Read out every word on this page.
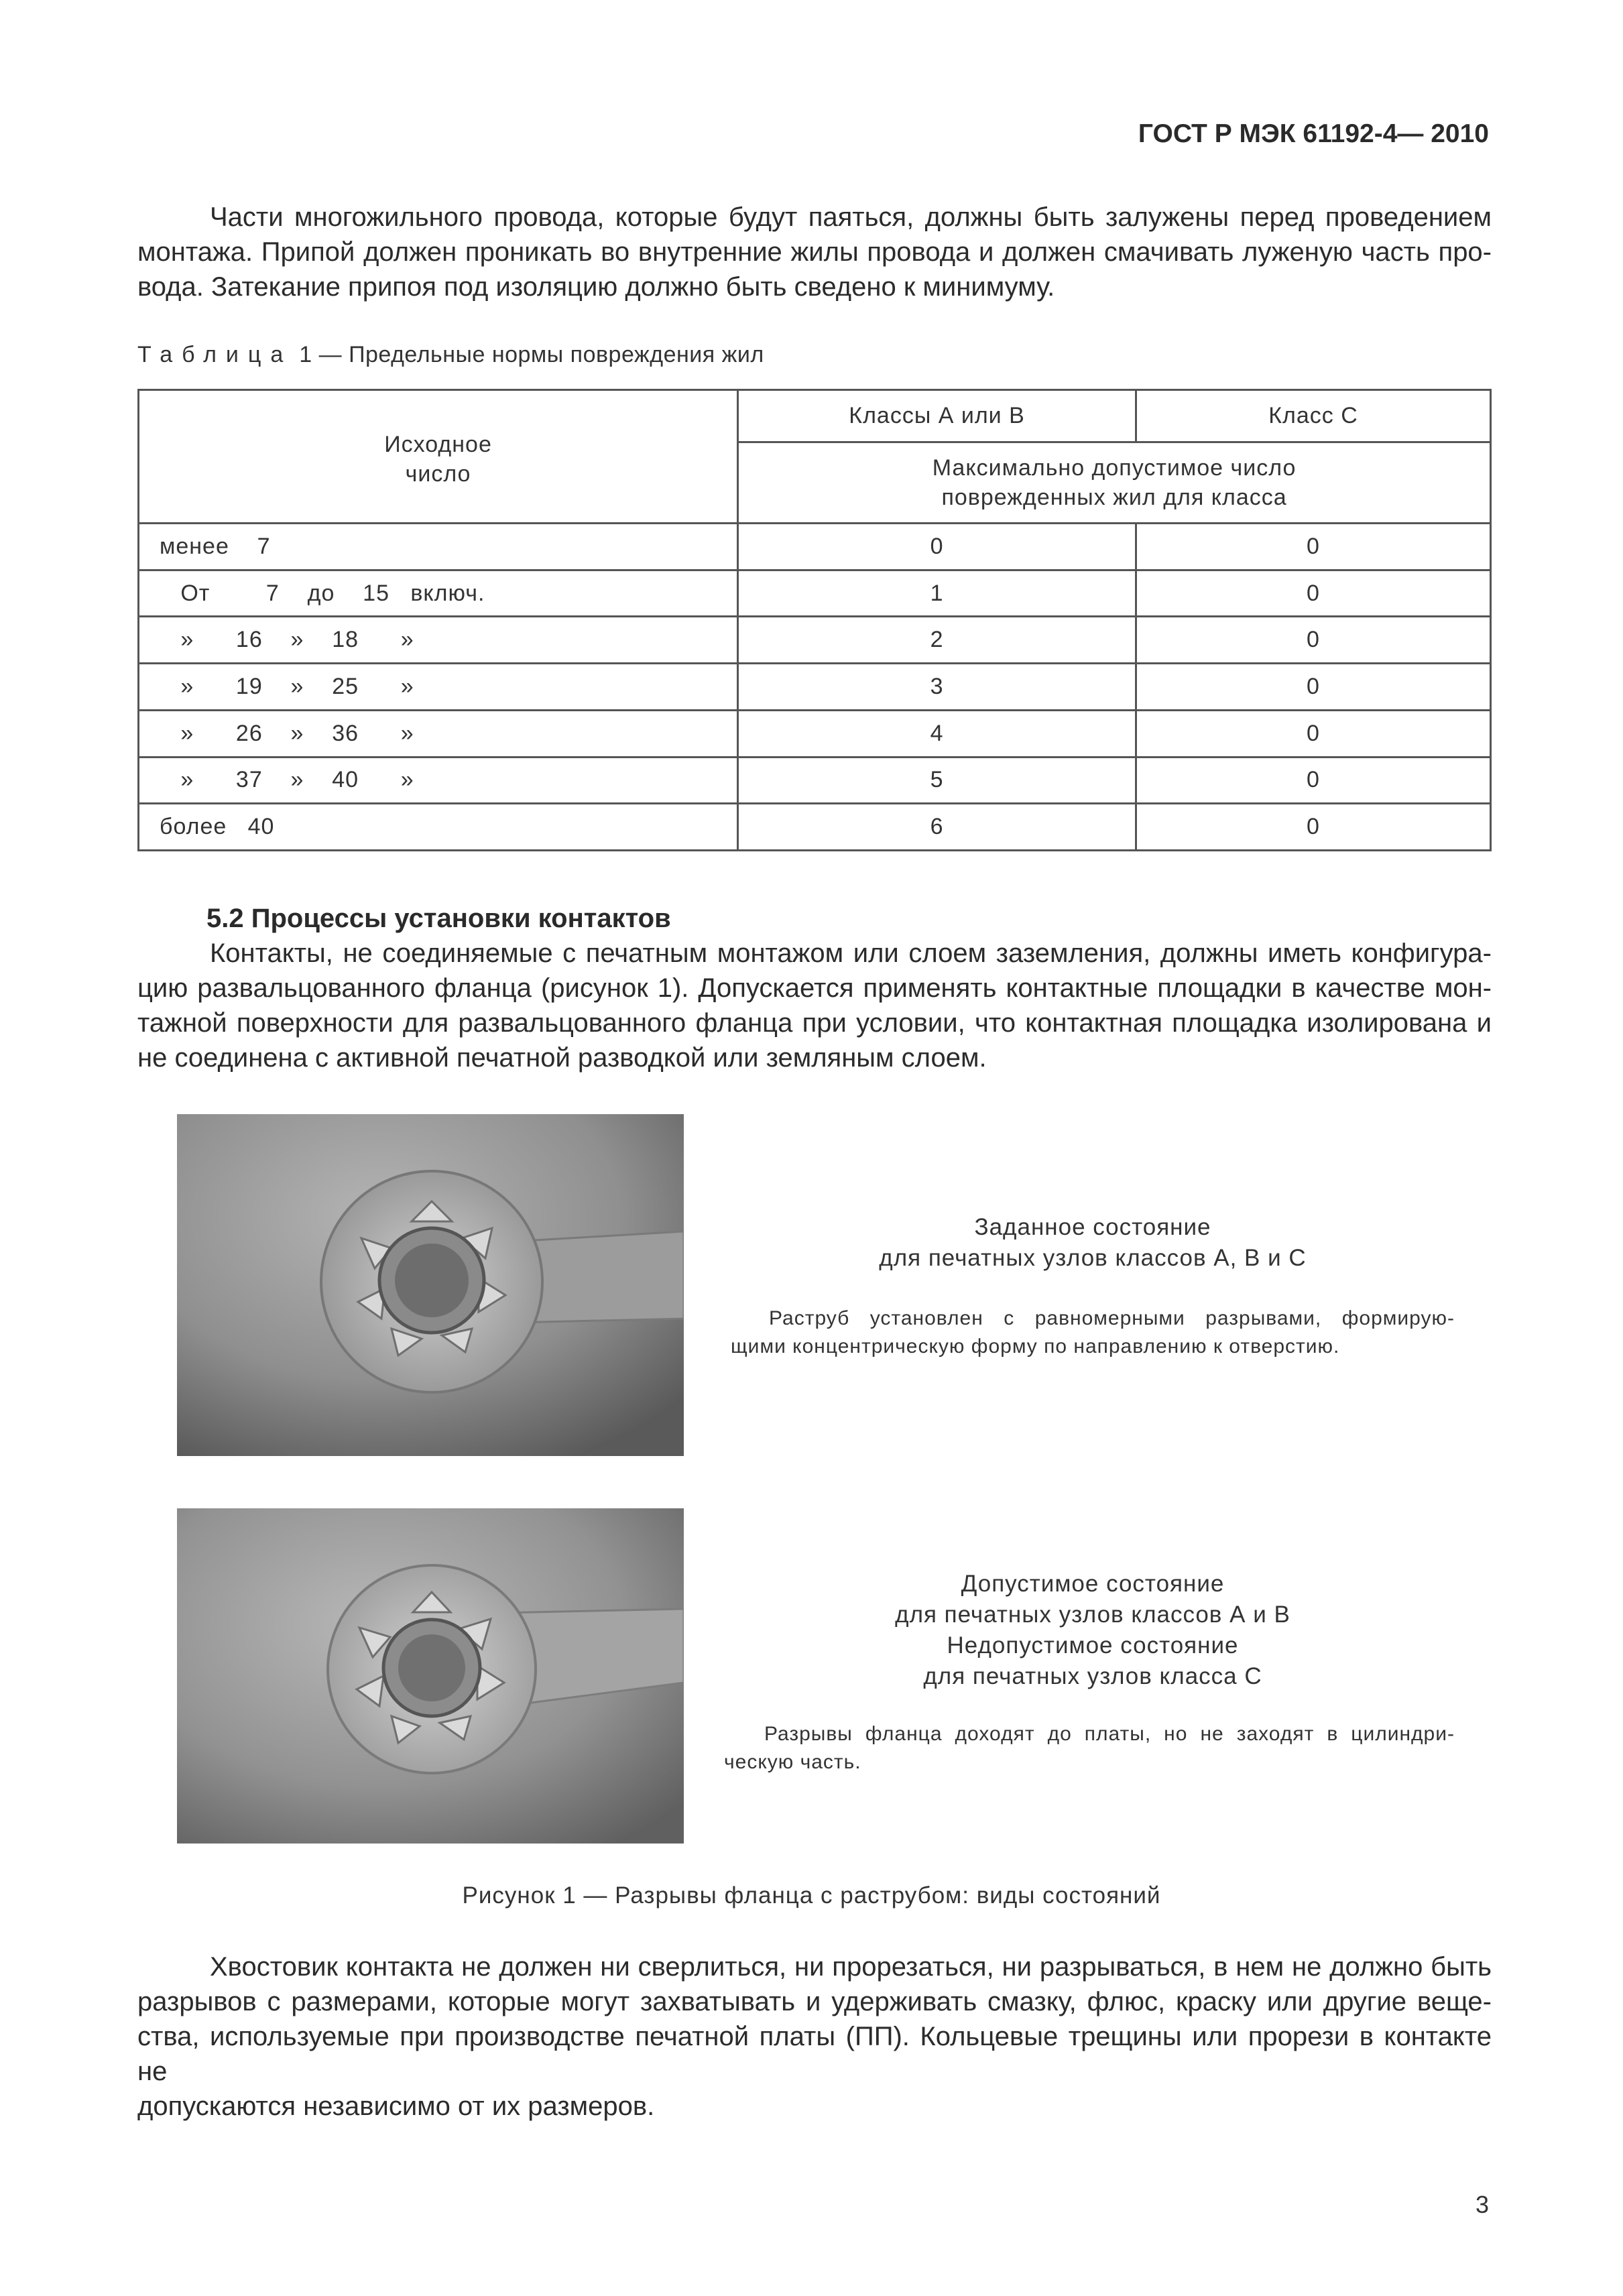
ГОСТ Р МЭК 61192-4— 2010

Части многожильного провода, которые будут паяться, должны быть залужены перед проведением

монтажа. Припой должен проникать во внутренние жилы провода и должен смачивать луженую часть про-

вода. Затекание припоя под изоляцию должно быть сведено к минимуму.

Таблица 1 — Предельные нормы повреждения жил
Исходное
число	Классы А или В	Класс С

	Максимально допустимое число
поврежденных жил для класса	

менее    7	0	0
От        7    до    15   включ.	1	0
»      16    »    18      »	2	0
»      19    »    25      »	3	0
»      26    »    36      »	4	0
»      37    »    40      »	5	0
более   40	6	0
5.2 Процессы установки контактов

Контакты, не соединяемые с печатным монтажом или слоем заземления, должны иметь конфигура-

цию развальцованного фланца (рисунок 1). Допускается применять контактные площадки в качестве мон-

тажной поверхности для развальцованного фланца при условии, что контактная площадка изолирована и

не соединена с активной печатной разводкой или земляным слоем.

Заданное состояние
для печатных узлов классов А, В и С
Раструб установлен с равномерными разрывами, формирую-
щими концентрическую форму по направлению к отверстию.
Допустимое состояние
для печатных узлов классов А и В
Недопустимое состояние
для печатных узлов класса С
Разрывы фланца доходят до платы, но не заходят в цилиндри-
ческую часть.
Рисунок 1 — Разрывы фланца с раструбом: виды состояний

Хвостовик контакта не должен ни сверлиться, ни прорезаться, ни разрываться, в нем не должно быть

разрывов с размерами, которые могут захватывать и удерживать смазку, флюс, краску или другие веще-

ства, используемые при производстве печатной платы (ПП). Кольцевые трещины или прорези в контакте не

допускаются независимо от их размеров.

3
